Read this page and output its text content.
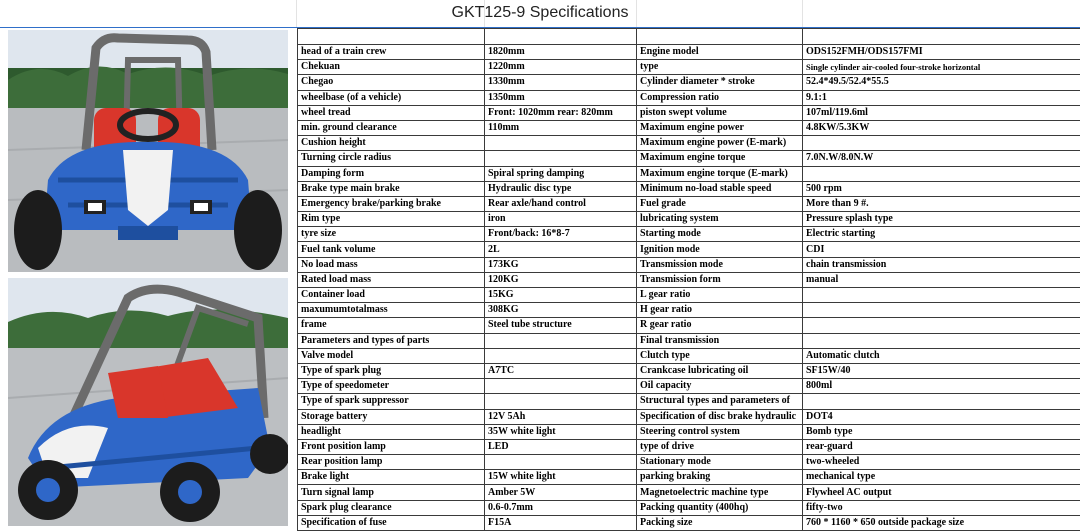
GKT125-9 Specifications
head of a train crew	1820mm	Engine model	ODS152FMH/ODS157FMI
Chekuan	1220mm	type	Single cylinder air-cooled four-stroke horizontal
Chegao	1330mm	Cylinder diameter * stroke	52.4*49.5/52.4*55.5
wheelbase (of a vehicle)	1350mm	Compression ratio	9.1:1
wheel tread	Front: 1020mm rear: 820mm	piston swept volume	107ml/119.6ml
min. ground clearance	110mm	Maximum engine power	4.8KW/5.3KW
Cushion height		Maximum engine power (E-mark)	
Turning circle radius		Maximum engine torque	7.0N.W/8.0N.W
Damping form	Spiral spring damping	Maximum engine torque (E-mark)	
Brake type main brake	Hydraulic disc type	Minimum no-load stable speed	500 rpm
Emergency brake/parking brake	Rear axle/hand control	Fuel grade	More than 9 #.
Rim type	iron	lubricating system	Pressure splash type
tyre size	Front/back: 16*8-7	Starting mode	Electric starting
Fuel tank volume	2L	Ignition mode	CDI
No load mass	173KG	Transmission mode	chain transmission
Rated load mass	120KG	Transmission form	manual
Container load	15KG	L gear ratio	
maxumumtotalmass	308KG	H gear ratio	
frame	Steel tube structure	R gear ratio	
Parameters and types of parts		Final transmission	
Valve model		Clutch type	Automatic clutch
Type of spark plug	A7TC	Crankcase lubricating oil	SF15W/40
Type of speedometer		Oil capacity	800ml
Type of spark suppressor		Structural types and parameters of	
Storage battery	12V 5Ah	Specification of disc brake hydraulic	DOT4
headlight	35W white light	Steering control system	Bomb type
Front position lamp	LED	type of drive	rear-guard
Rear position lamp		Stationary mode	two-wheeled
Brake light	15W white light	parking braking	mechanical type
Turn signal lamp	Amber 5W	Magnetoelectric machine type	Flywheel AC output
Spark plug clearance	0.6-0.7mm	Packing quantity (400hq)	fifty-two
Specification of fuse	F15A	Packing size	760 * 1160 * 650 outside package size
